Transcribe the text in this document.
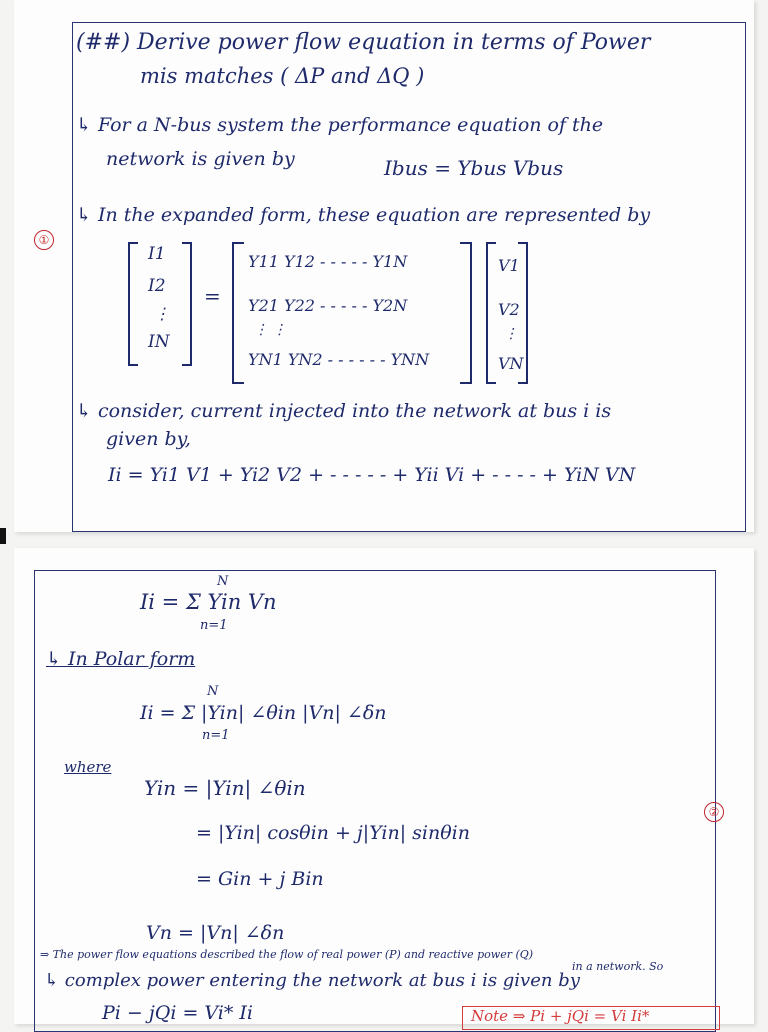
(##) Derive power flow equation in terms of Power
mis matches ( ΔP and ΔQ )
↳ For a N-bus system the performance equation of the
network is given by	Ibus = Ybus Vbus
↳ In the expanded form, these equation are represented by
①
I1
I2
⋮
IN
=
Y11 Y12 - - - - - Y1N
Y21 Y22 - - - - - Y2N
⋮ ⋮
YN1 YN2 - - - - - - YNN
V1
V2
⋮
VN
↳ consider, current injected into the network at bus i is
given by,
Ii = Yi1 V1 + Yi2 V2 + - - - - - + Yii Vi + - - - - + YiN VN
N
Ii = Σ Yin Vn
n=1
↳ In Polar form
N
Ii = Σ |Yin| ∠θin |Vn| ∠δn
n=1
where
Yin = |Yin| ∠θin
= |Yin| cosθin + j|Yin| sinθin
= Gin + j Bin
②
Vn = |Vn| ∠δn
⇒ The power flow equations described the flow of real power (P) and reactive power (Q)
in a network. So
↳ complex power entering the network at bus i is given by
Pi − jQi = Vi* Ii	Note ⇒ Pi + jQi = Vi Ii*
